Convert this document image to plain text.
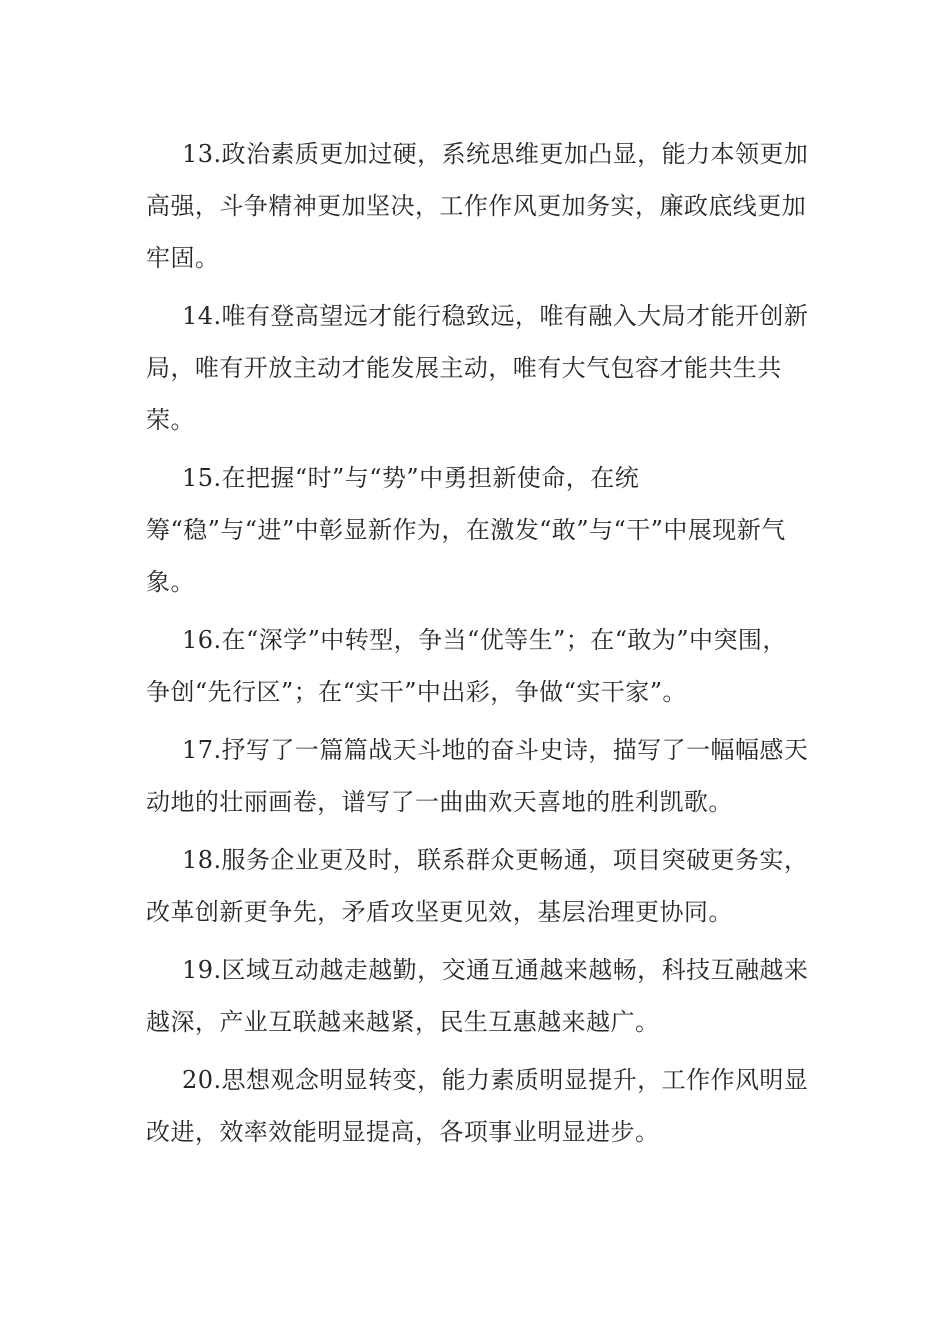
13.政治素质更加过硬，系统思维更加凸显，能力本领更加高强，斗争精神更加坚决，工作作风更加务实，廉政底线更加牢固。

14.唯有登高望远才能行稳致远，唯有融入大局才能开创新局，唯有开放主动才能发展主动，唯有大气包容才能共生共荣。

15.在把握“时”与“势”中勇担新使命，在统筹“稳”与“进”中彰显新作为，在激发“敢”与“干”中展现新气象。

16.在“深学”中转型，争当“优等生”；在“敢为”中突围，争创“先行区”；在“实干”中出彩，争做“实干家”。

17.抒写了一篇篇战天斗地的奋斗史诗，描写了一幅幅感天动地的壮丽画卷，谱写了一曲曲欢天喜地的胜利凯歌。

18.服务企业更及时，联系群众更畅通，项目突破更务实，改革创新更争先，矛盾攻坚更见效，基层治理更协同。

19.区域互动越走越勤，交通互通越来越畅，科技互融越来越深，产业互联越来越紧，民生互惠越来越广。

20.思想观念明显转变，能力素质明显提升，工作作风明显改进，效率效能明显提高，各项事业明显进步。
